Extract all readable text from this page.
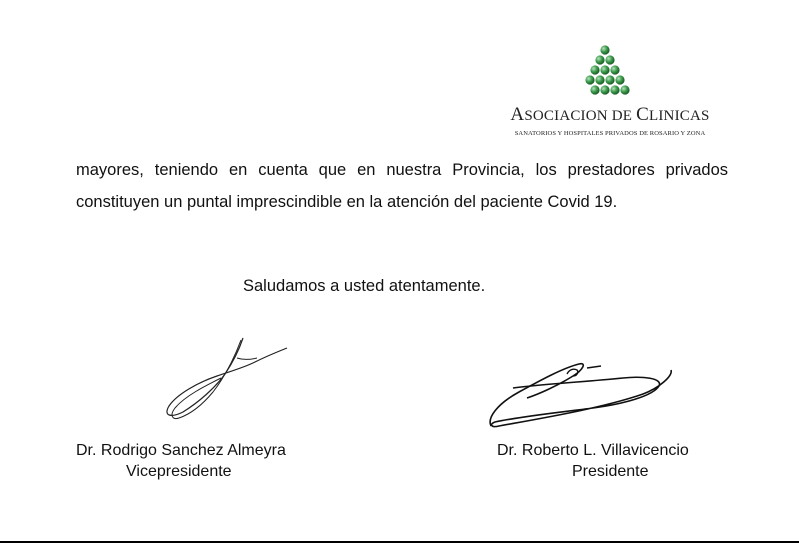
ASOCIACION DE CLINICAS
SANATORIOS Y HOSPITALES PRIVADOS DE ROSARIO Y ZONA
mayores, teniendo en cuenta que en nuestra Provincia, los prestadores privados
constituyen un puntal imprescindible en la atención del paciente Covid 19.
Saludamos a usted atentamente.
Dr. Rodrigo Sanchez Almeyra
Vicepresidente
Dr. Roberto L. Villavicencio
Presidente
